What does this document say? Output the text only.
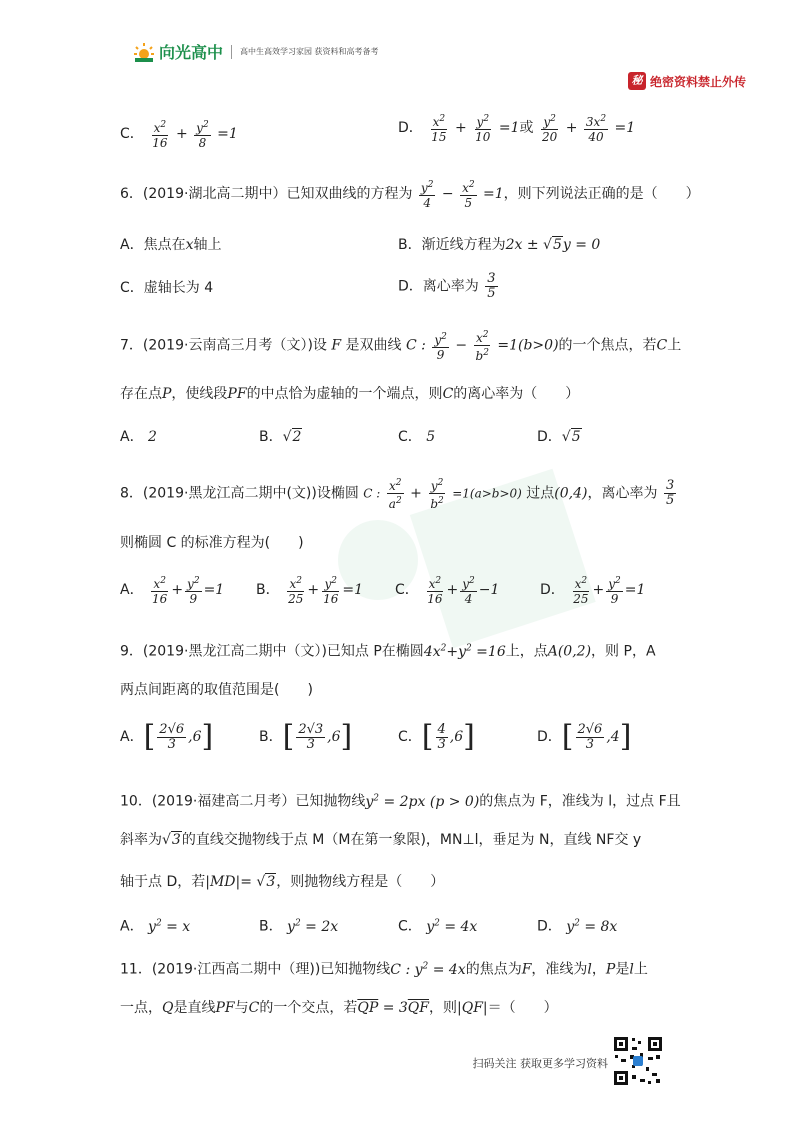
向光高中 高中生高效学习家园 获资料和高考备考
秘 绝密资料禁止外传
C． $\frac{x^2}{16} + \frac{y^2}{8} =1$	D． $\frac{x^2}{15} + \frac{y^2}{10} =1$或 $\frac{y^2}{20} + \frac{3x^2}{40} =1$
6．(2019·湖北高二期中）已知双曲线的方程为 $\frac{y^2}{4} - \frac{x^2}{5} =1$，则下列说法正确的是（　　）
A．焦点在x轴上	B．渐近线方程为2x ± √5y = 0
C．虚轴长为 4	D．离心率为 $\frac{3}{5}$
7．(2019·云南高三月考（文）)设 F 是双曲线 C : $\frac{y^2}{9} - \frac{x^2}{b^2} =1(b>0)$的一个焦点，若C上
存在点P，使线段PF的中点恰为虚轴的一个端点，则C的离心率为（　　）
A． 2	B．√2	C． 5	D．√5
8．(2019·黑龙江高二期中(文))设椭圆 C : $\frac{x^2}{a^2} + \frac{y^2}{b^2} =1(a>b>0)$ 过点(0,4)，离心率为 $\frac{3}{5}$
则椭圆 C 的标准方程为(　　)
A． $\frac{x^2}{16} + \frac{y^2}{9} =1$ B． $\frac{x^2}{25} + \frac{y^2}{16} =1$ C． $\frac{x^2}{16} + \frac{y^2}{4} -1$	D． $\frac{x^2}{25} + \frac{y^2}{9} =1$
9．(2019·黑龙江高二期中（文）)已知点 P在椭圆$4x^2+y^2 =16$上，点A(0,2)，则 P，A
两点间距离的取值范围是(　　)
A．[ $\frac{2√6}{3} ,6$]	B．[ $\frac{2√3}{3} ,6$]	C．[ $\frac{4}{3} ,6$]	D．[ $\frac{2√6}{3} ,4$]
10．(2019·福建高二月考）已知抛物线$y^2 = 2px$ (p > 0)的焦点为 F，准线为 l，过点 F且
斜率为√3的直线交抛物线于点 M（M在第一象限)，MN⊥l，垂足为 N，直线 NF交 y
轴于点 D，若|MD|= √3，则抛物线方程是（　　）
A． $y^2 = x$	B． $y^2 = 2x$	C． $y^2 = 4x$	D． $y^2 = 8x$
11．(2019·江西高二期中（理))已知抛物线C : $y^2 = 4x$的焦点为F，准线为l，P是l上
一点，Q是直线PF与C的一个交点，若$\overline{QP} = 3\overline{QF}$，则|QF|＝（　　）
扫码关注 获取更多学习资料
